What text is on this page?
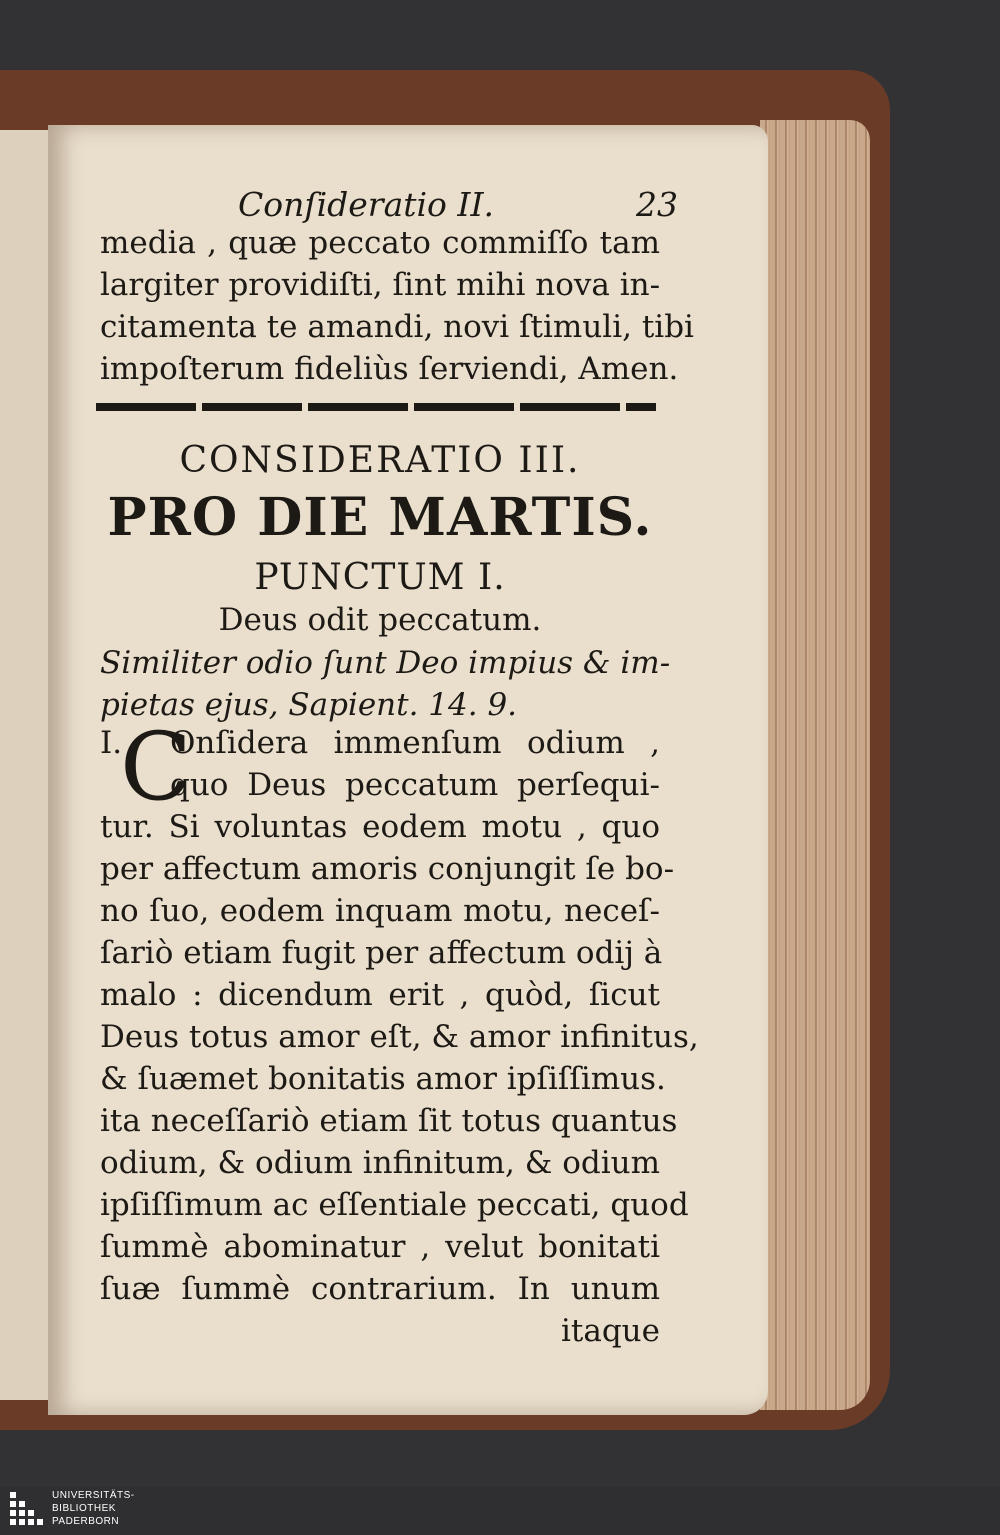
Conſideratio II.	23
media , quæ peccato commiſſo tam
largiter providiſti, ſint mihi nova in-
citamenta te amandi, novi ſtimuli, tibi
impoſterum fideliùs ſerviendi, Amen.
CONSIDERATIO III.
PRO DIE MARTIS.
PUNCTUM I.
Deus odit peccatum.
Similiter odio ſunt Deo impius & im-
pietas ejus, Sapient. 14. 9.
I.
C
Onſidera immenſum odium ,
quo Deus peccatum perſequi-
tur. Si voluntas eodem motu , quo
per affectum amoris conjungit ſe bo-
no ſuo, eodem inquam motu, neceſ-
ſariò etiam fugit per affectum odij à
malo : dicendum erit , quòd, ſicut
Deus totus amor eſt, & amor infinitus,
& ſuæmet bonitatis amor ipſiſſimus.
ita neceſſariò etiam ſit totus quantus
odium, & odium infinitum, & odium
ipſiſſimum ac eſſentiale peccati, quod
ſummè abominatur , velut bonitati
ſuæ ſummè contrarium. In unum
itaque
UNIVERSITÄTS-
BIBLIOTHEK
PADERBORN
